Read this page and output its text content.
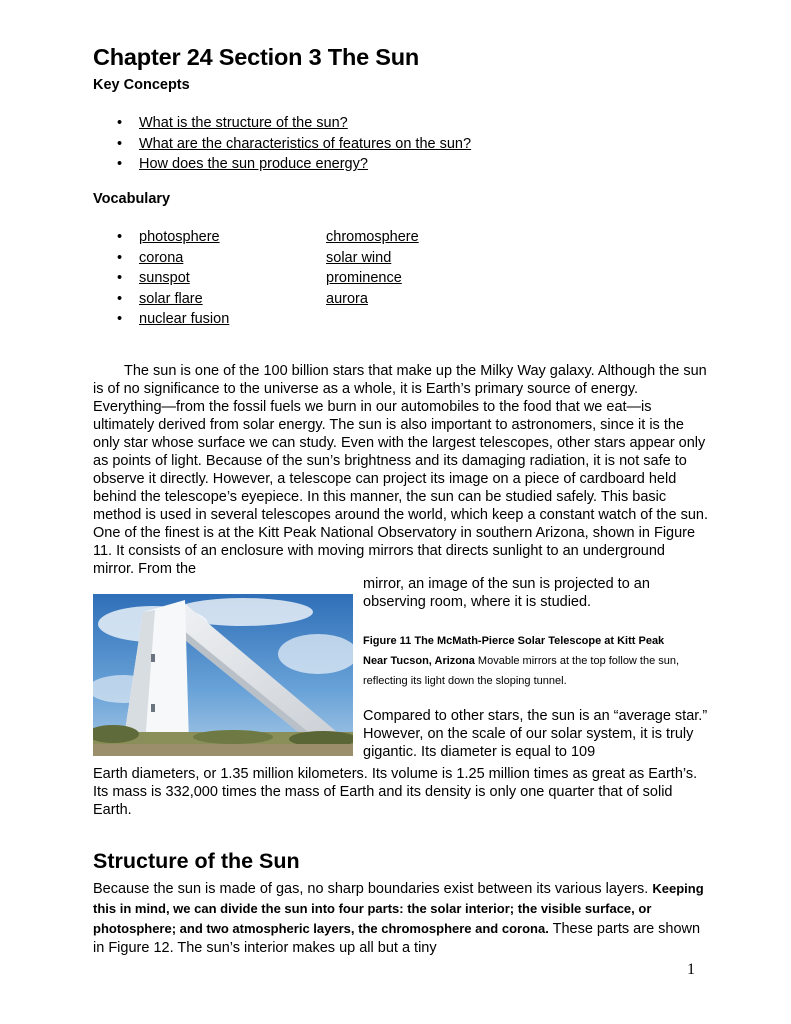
Chapter 24 Section 3 The Sun
Key Concepts
• What is the structure of the sun?
• What are the characteristics of features on the sun?
• How does the sun produce energy?
Vocabulary
• photosphere
• corona
• sunspot
• solar flare
• nuclear fusion
chromosphere
solar wind
prominence
aurora

The sun is one of the 100 billion stars that make up the Milky Way galaxy. Although the sun is of no significance to the universe as a whole, it is Earth’s primary source of energy. Everything—from the fossil fuels we burn in our automobiles to the food that we eat—is ultimately derived from solar energy. The sun is also important to astronomers, since it is the only star whose surface we can study. Even with the largest telescopes, other stars appear only as points of light. Because of the sun’s brightness and its damaging radiation, it is not safe to observe it directly. However, a telescope can project its image on a piece of cardboard held behind the telescope’s eyepiece. In this manner, the sun can be studied safely. This basic method is used in several telescopes around the world, which keep a constant watch of the sun. One of the finest is at the Kitt Peak National Observatory in southern Arizona, shown in Figure 11. It consists of an enclosure with moving mirrors that directs sunlight to an underground mirror. From the

mirror, an image of the sun is projected to an observing room, where it is studied.

Figure 11 The McMath-Pierce Solar Telescope at Kitt Peak Near Tucson, Arizona Movable mirrors at the top follow the sun, reflecting its light down the sloping tunnel.

Compared to other stars, the sun is an “average star.” However, on the scale of our solar system, it is truly gigantic. Its diameter is equal to 109

Earth diameters, or 1.35 million kilometers. Its volume is 1.25 million times as great as Earth’s. Its mass is 332,000 times the mass of Earth and its density is only one quarter that of solid Earth.

Structure of the Sun

Because the sun is made of gas, no sharp boundaries exist between its various layers. Keeping this in mind, we can divide the sun into four parts: the solar interior; the visible surface, or photosphere; and two atmospheric layers, the chromosphere and corona. These parts are shown in Figure 12. The sun’s interior makes up all but a tiny

1
